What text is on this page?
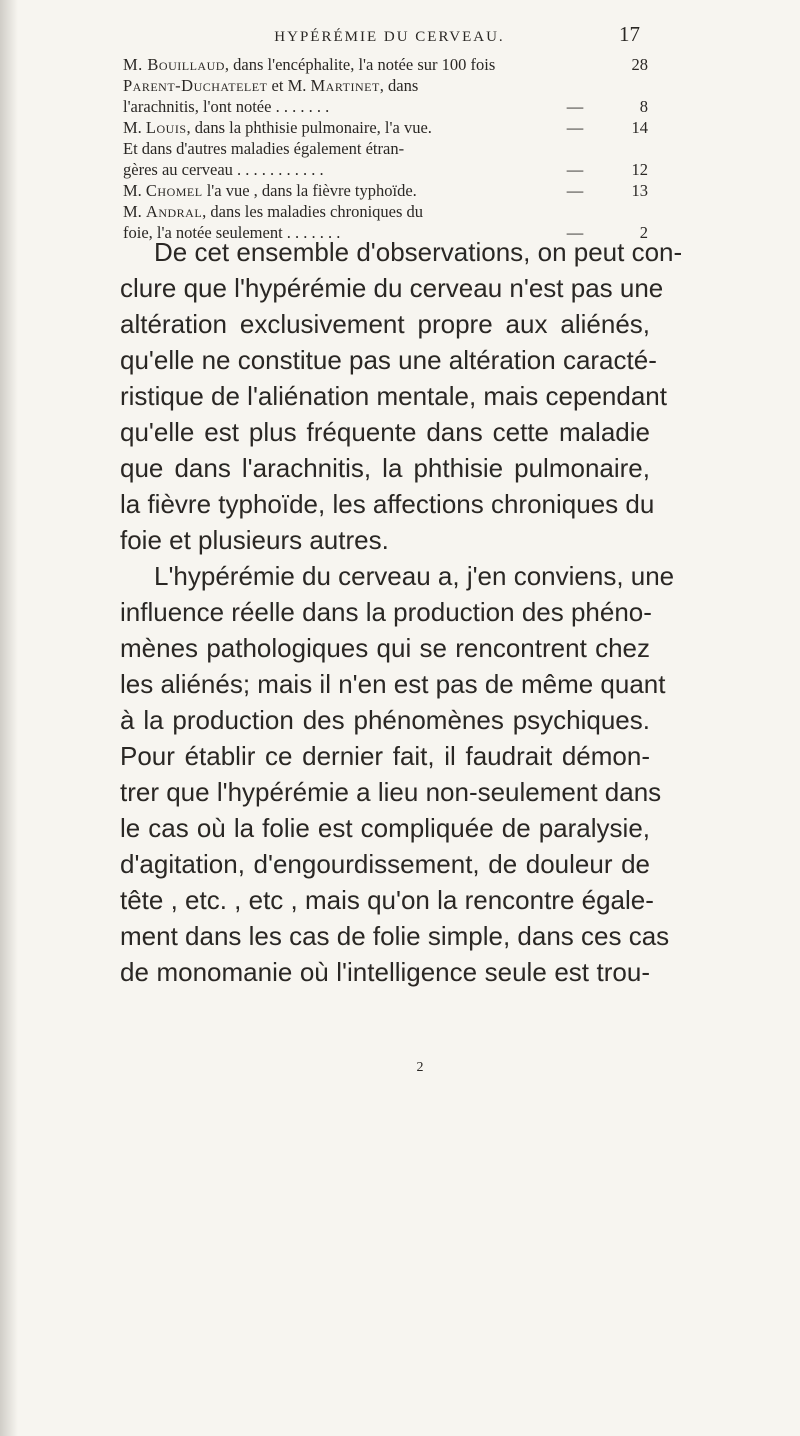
HYPÉRÉMIE DU CERVEAU.	17
M. Bouillaud, dans l'encéphalite, l'a notée sur 100 fois	28
Parent-Duchatelet et M. Martinet, dans
l'arachnitis, l'ont notée . . . . . . .	—	8
M. Louis, dans la phthisie pulmonaire, l'a vue.	—	14
Et dans d'autres maladies également étran-
gères au cerveau . . . . . . . . . . .	—	12
M. Chomel l'a vue , dans la fièvre typhoïde.	—	13
M. Andral, dans les maladies chroniques du
foie, l'a notée seulement . . . . . . .	—	2
De cet ensemble d'observations, on peut con-
clure que l'hypérémie du cerveau n'est pas une
altération exclusivement propre aux aliénés,
qu'elle ne constitue pas une altération caracté-
ristique de l'aliénation mentale, mais cependant
qu'elle est plus fréquente dans cette maladie
que dans l'arachnitis, la phthisie pulmonaire,
la fièvre typhoïde, les affections chroniques du
foie et plusieurs autres.
L'hypérémie du cerveau a, j'en conviens, une
influence réelle dans la production des phéno-
mènes pathologiques qui se rencontrent chez
les aliénés; mais il n'en est pas de même quant
à la production des phénomènes psychiques.
Pour établir ce dernier fait, il faudrait démon-
trer que l'hypérémie a lieu non-seulement dans
le cas où la folie est compliquée de paralysie,
d'agitation, d'engourdissement, de douleur de
tête , etc. , etc , mais qu'on la rencontre égale-
ment dans les cas de folie simple, dans ces cas
de monomanie où l'intelligence seule est trou-
2
